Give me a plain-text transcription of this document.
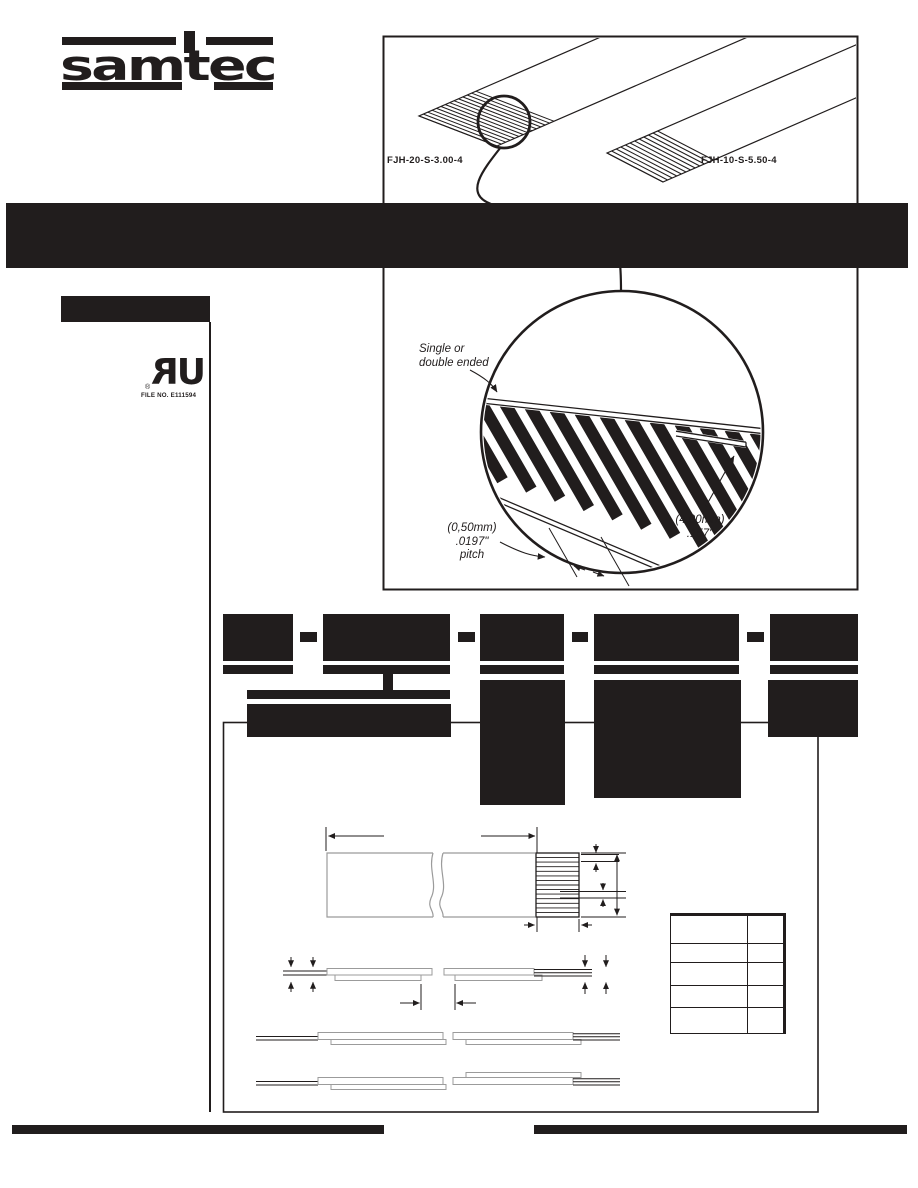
samtec
UR
®
FILE NO. E111594
FJH-20-S-3.00-4	FJH-10-S-5.50-4
Single or
double ended
(0,50mm)
.0197"
pitch
(4,00mm)
.157"
